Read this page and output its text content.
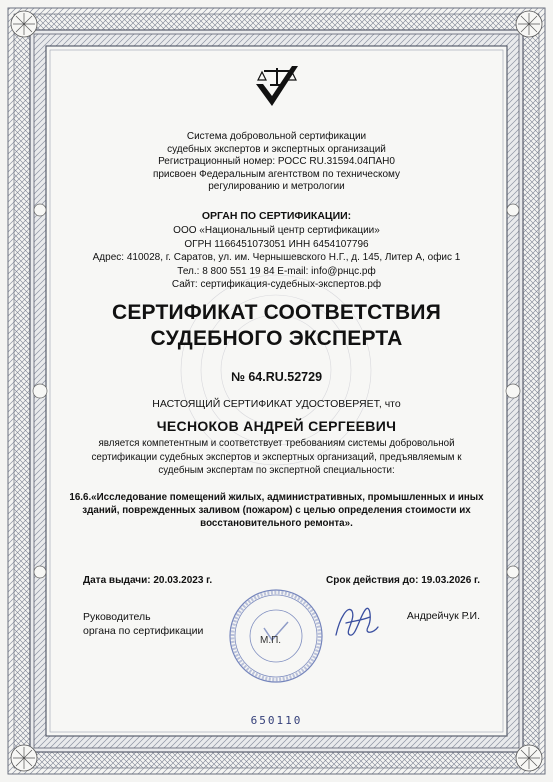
Система добровольной сертификации
судебных экспертов и экспертных организаций
Регистрационный номер: РОСС RU.31594.04ПАН0
присвоен Федеральным агентством по техническому
регулированию и метрологии
ОРГАН ПО СЕРТИФИКАЦИИ:
ООО «Национальный центр сертификации»
ОГРН 1166451073051 ИНН 6454107796
Адрес: 410028, г. Саратов, ул. им. Чернышевского Н.Г., д. 145, Литер А, офис 1
Тел.: 8 800 551 19 84 E-mail: info@рнцс.рф
Сайт: сертификация-судебных-экспертов.рф
СЕРТИФИКАТ СООТВЕТСТВИЯ
СУДЕБНОГО ЭКСПЕРТА
№ 64.RU.52729
НАСТОЯЩИЙ СЕРТИФИКАТ УДОСТОВЕРЯЕТ, что
ЧЕСНОКОВ АНДРЕЙ СЕРГЕЕВИЧ
является компетентным и соответствует требованиям системы добровольной
сертификации судебных экспертов и экспертных организаций, предъявляемым к
судебным экспертам по экспертной специальности:
16.6.«Исследование помещений жилых, административных, промышленных и иных
зданий, поврежденных заливом (пожаром) с целью определения стоимости их
восстановительного ремонта».
Дата выдачи: 20.03.2023 г.	Срок действия до: 19.03.2026 г.
М.П.
Руководитель
органа по сертификации
Андрейчук Р.И.
650110
